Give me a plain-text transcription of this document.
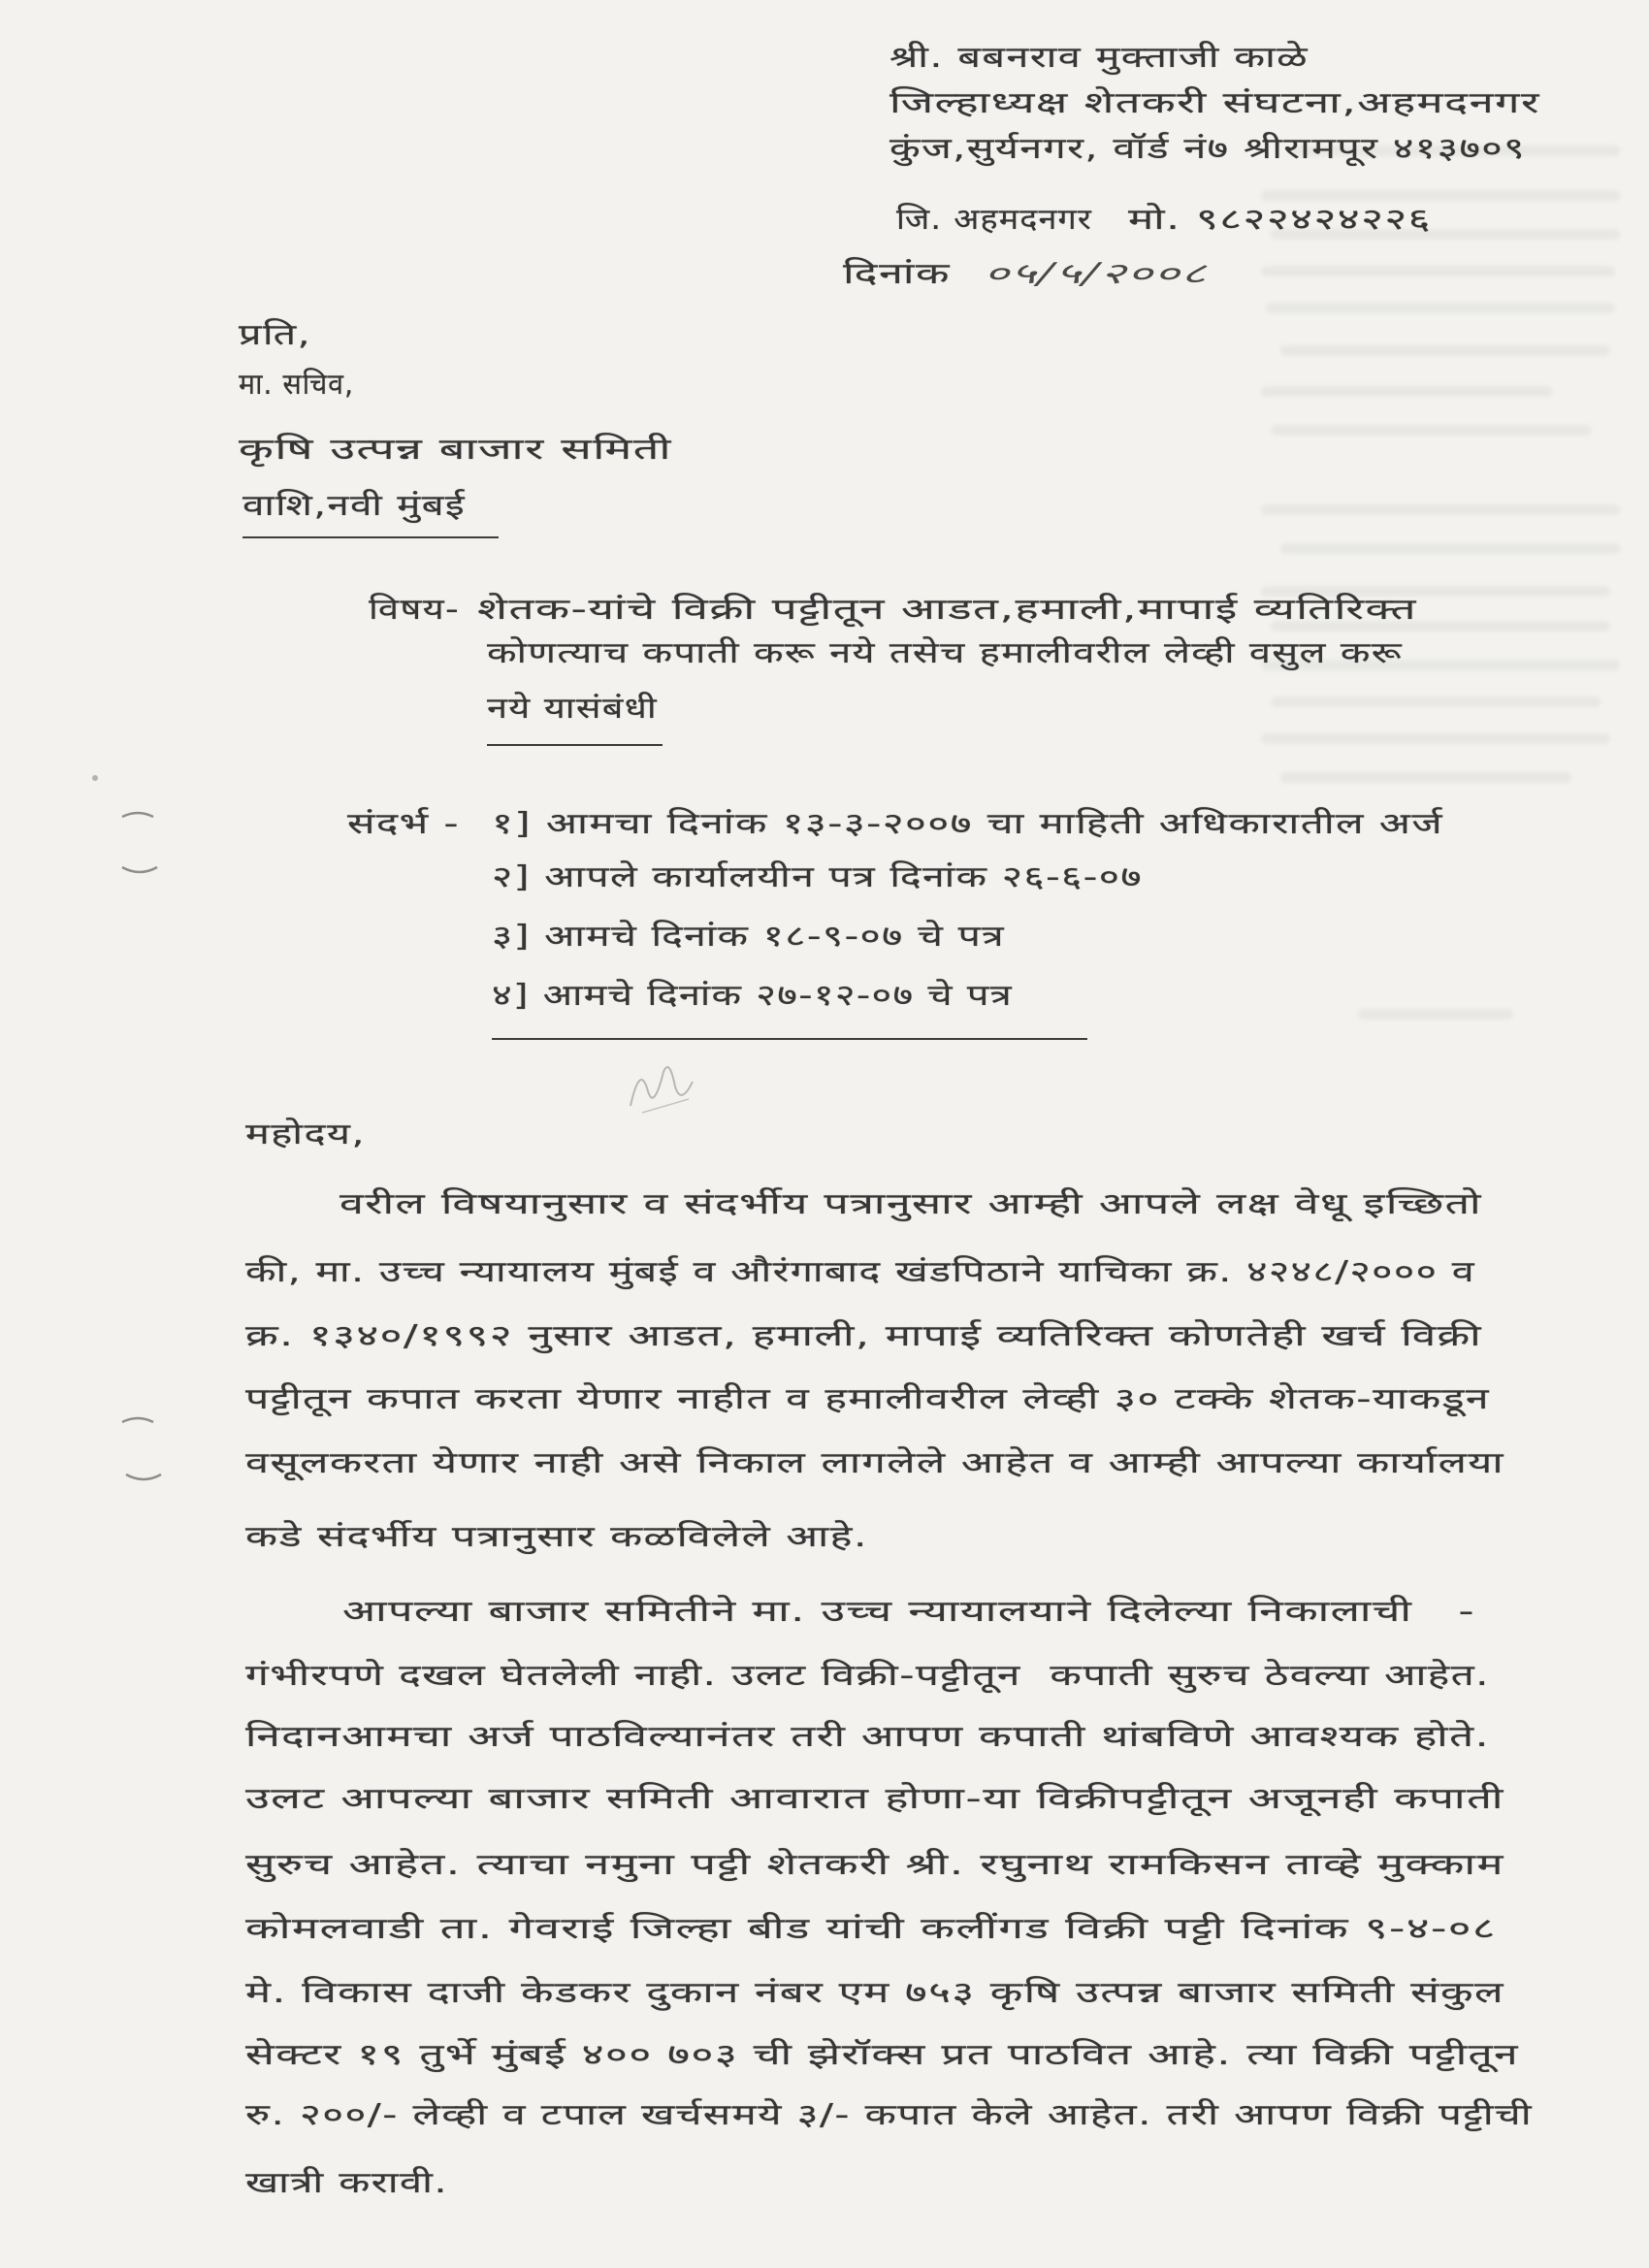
श्री. बबनराव मुक्ताजी काळे
जिल्हाध्यक्ष शेतकरी संघटना,अहमदनगर
कुंज,सुर्यनगर, वॉर्ड नं७ श्रीरामपूर ४१३७०९
जि. अहमदनगर मो. ९८२२४२४२२६
दिनांक ०५/५/२००८
प्रति,
मा. सचिव,
कृषि उत्पन्न बाजार समिती
वाशि,नवी मुंबई
विषय- शेतक-यांचे विक्री पट्टीतून आडत,हमाली,मापाई व्यतिरिक्त
कोणत्याच कपाती करू नये तसेच हमालीवरील लेव्ही वसुल करू
नये यासंबंधी
संदर्भ - १] आमचा दिनांक १३-३-२००७ चा माहिती अधिकारातील अर्ज
२] आपले कार्यालयीन पत्र दिनांक २६-६-०७
३] आमचे दिनांक १८-९-०७ चे पत्र
४] आमचे दिनांक २७-१२-०७ चे पत्र
महोदय,
वरील विषयानुसार व संदर्भीय पत्रानुसार आम्ही आपले लक्ष वेधू इच्छितो
की, मा. उच्च न्यायालय मुंबई व औरंगाबाद खंडपिठाने याचिका क्र. ४२४८/२००० व
क्र. १३४०/१९९२ नुसार आडत, हमाली, मापाई व्यतिरिक्त कोणतेही खर्च विक्री
पट्टीतून कपात करता येणार नाहीत व हमालीवरील लेव्ही ३० टक्के शेतक-याकडून
वसूलकरता येणार नाही असे निकाल लागलेले आहेत व आम्ही आपल्या कार्यालया
कडे संदर्भीय पत्रानुसार कळविलेले आहे.
आपल्या बाजार समितीने मा. उच्च न्यायालयाने दिलेल्या निकालाची   -
गंभीरपणे दखल घेतलेली नाही. उलट विक्री-पट्टीतून  कपाती सुरुच ठेवल्या आहेत.
निदानआमचा अर्ज पाठविल्यानंतर तरी आपण कपाती थांबविणे आवश्यक होते.
उलट आपल्या बाजार समिती आवारात होणा-या विक्रीपट्टीतून अजूनही कपाती
सुरुच आहेत. त्याचा नमुना पट्टी शेतकरी श्री. रघुनाथ रामकिसन ताव्हे मुक्काम
कोमलवाडी ता. गेवराई जिल्हा बीड यांची कलींगड विक्री पट्टी दिनांक ९-४-०८
मे. विकास दाजी केडकर दुकान नंबर एम ७५३ कृषि उत्पन्न बाजार समिती संकुल
सेक्टर १९ तुर्भे मुंबई ४०० ७०३ ची झेरॉक्स प्रत पाठवित आहे. त्या विक्री पट्टीतून
रु. २००/- लेव्ही व टपाल खर्चसमये ३/- कपात केले आहेत. तरी आपण विक्री पट्टीची
खात्री करावी.
